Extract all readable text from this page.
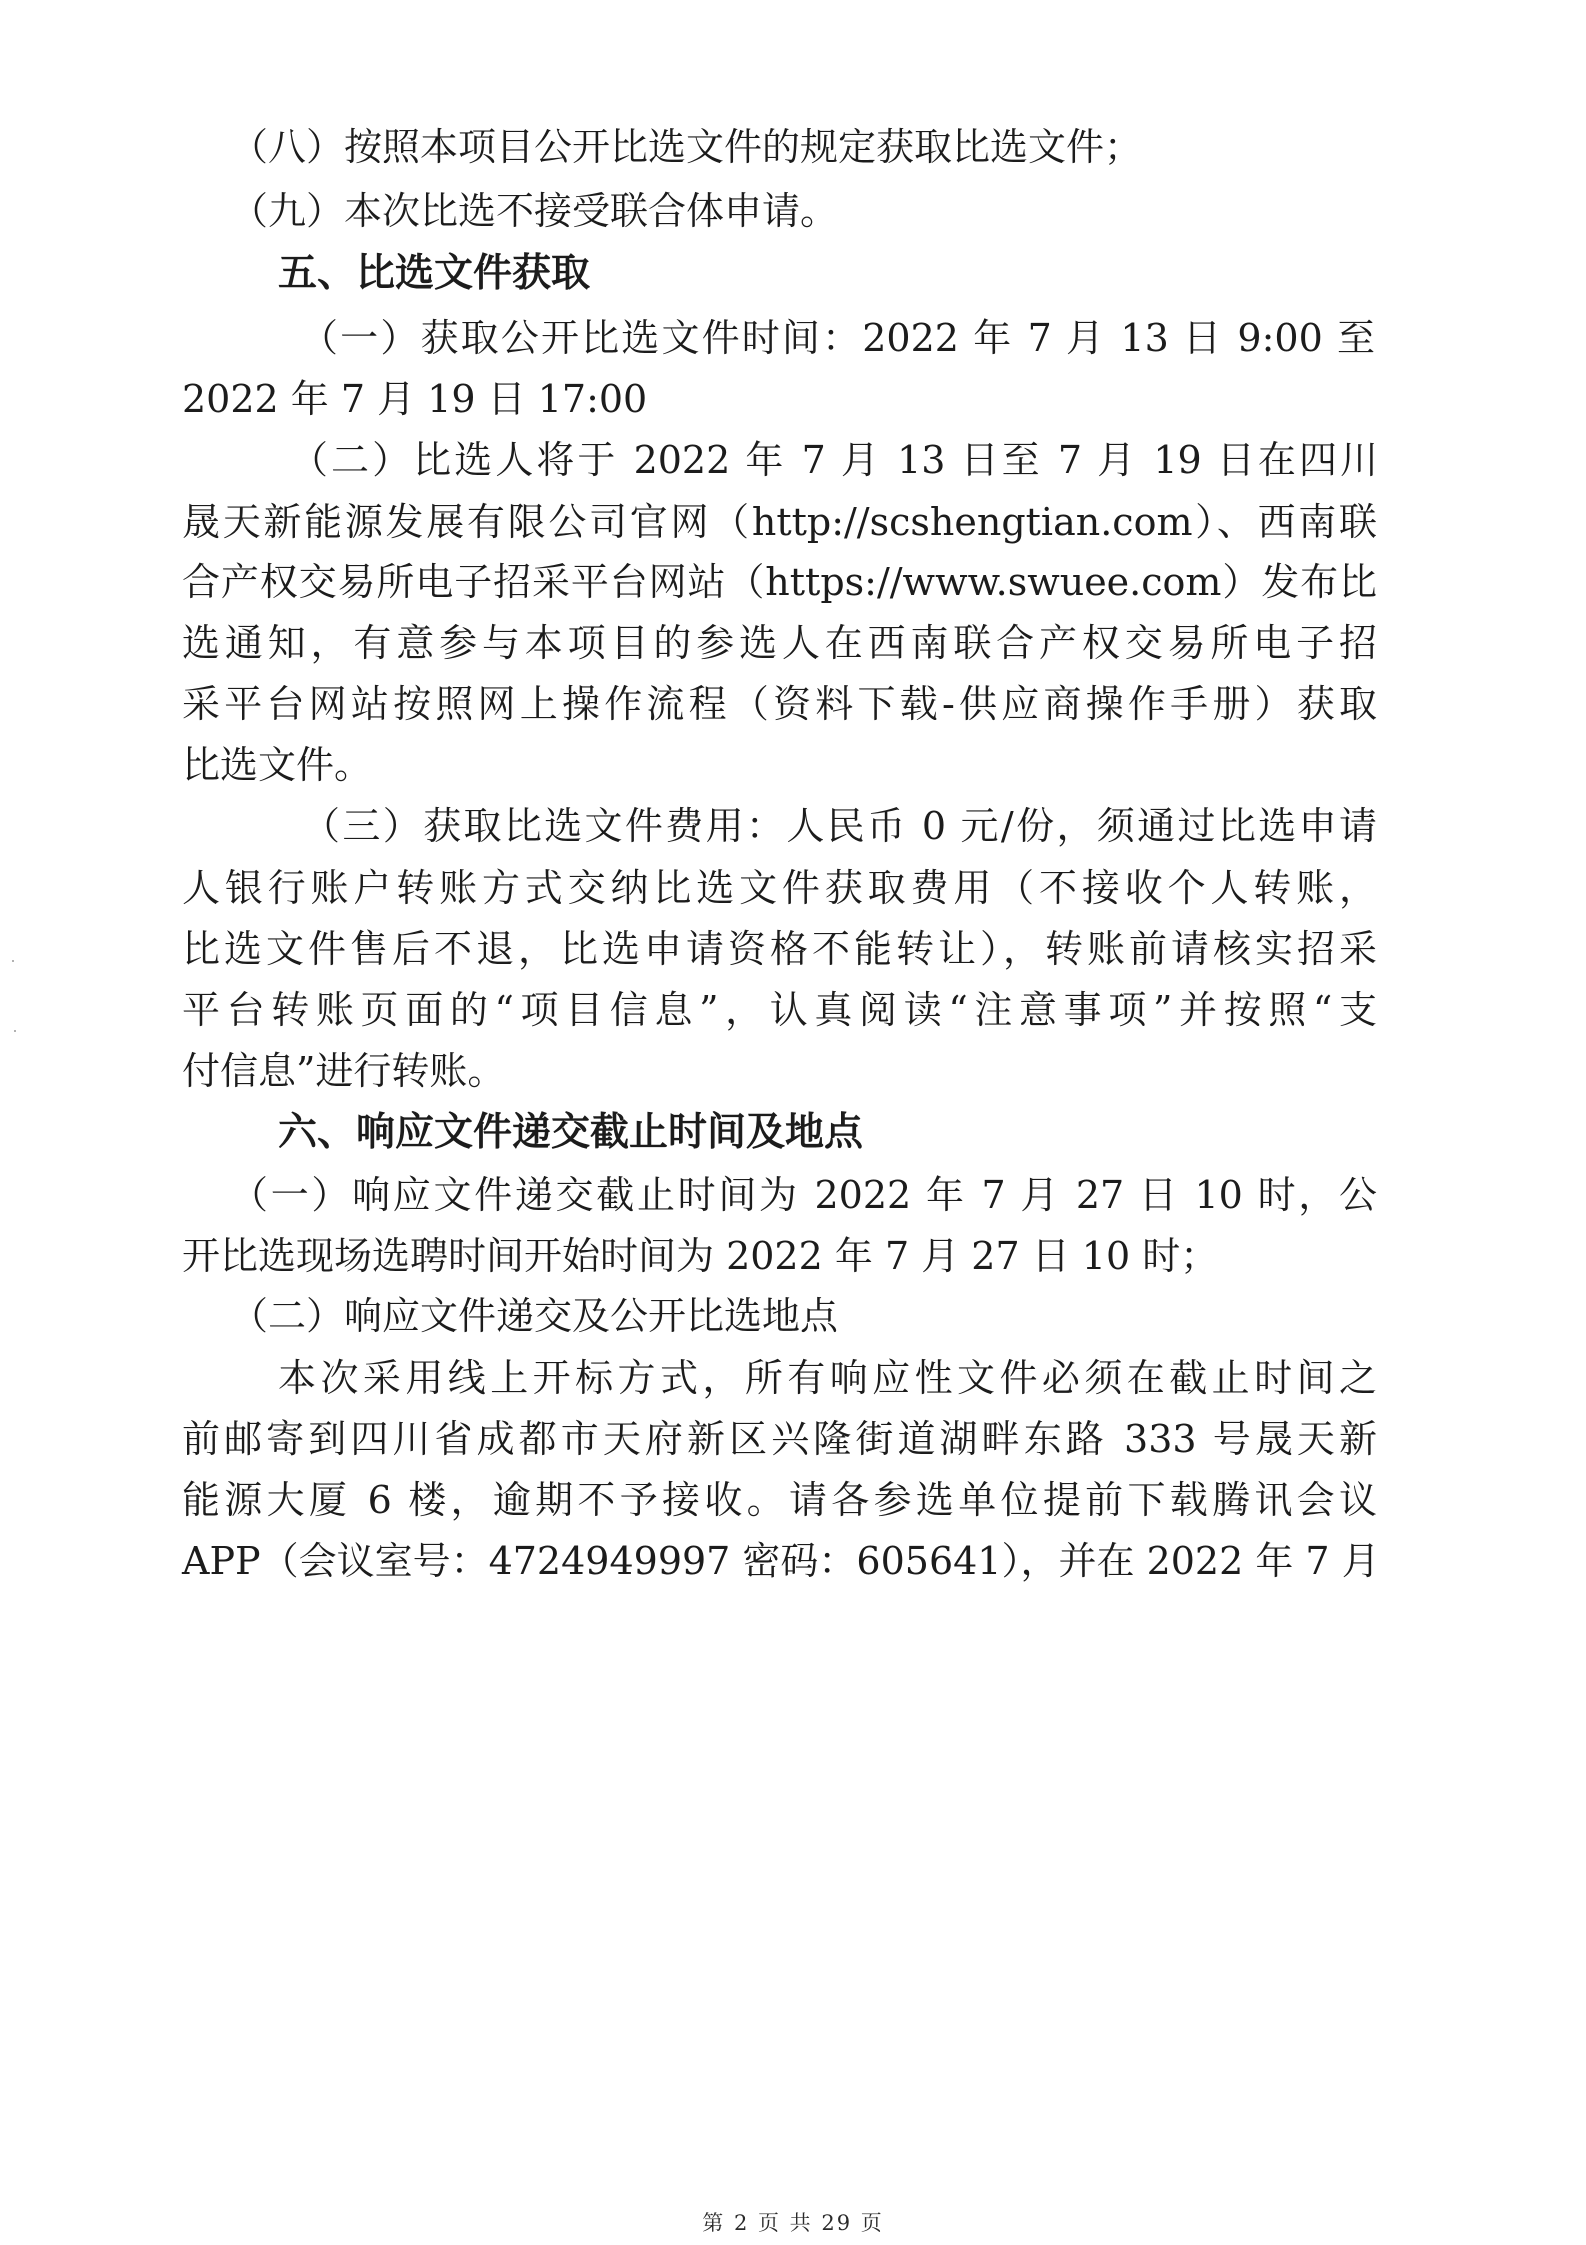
（八）按照本项目公开比选文件的规定获取比选文件；
（九）本次比选不接受联合体申请。
五、比选文件获取
（一）获取公开比选文件时间：2022 年 7 月 13 日 9:00 至
2022 年 7 月 19 日 17:00
（二）比选人将于 2022 年 7 月 13 日至 7 月 19 日在四川
晟天新能源发展有限公司官网（http://scshengtian.com）、西南联
合产权交易所电子招采平台网站（https://www.swuee.com）发布比
选通知，有意参与本项目的参选人在西南联合产权交易所电子招
采平台网站按照网上操作流程（资料下载-供应商操作手册）获取
比选文件。
（三）获取比选文件费用：人民币 0 元/份，须通过比选申请
人银行账户转账方式交纳比选文件获取费用（不接收个人转账，
比选文件售后不退，比选申请资格不能转让），转账前请核实招采
平台转账页面的“项目信息”，认真阅读“注意事项”并按照“支
付信息”进行转账。
六、响应文件递交截止时间及地点
（一）响应文件递交截止时间为 2022 年 7 月 27 日 10 时，公
开比选现场选聘时间开始时间为 2022 年 7 月 27 日 10 时；
（二）响应文件递交及公开比选地点
本次采用线上开标方式，所有响应性文件必须在截止时间之
前邮寄到四川省成都市天府新区兴隆街道湖畔东路 333 号晟天新
能源大厦 6 楼，逾期不予接收。请各参选单位提前下载腾讯会议
APP（会议室号：4724949997 密码：605641），并在 2022 年 7 月
第 2 页 共 29 页
